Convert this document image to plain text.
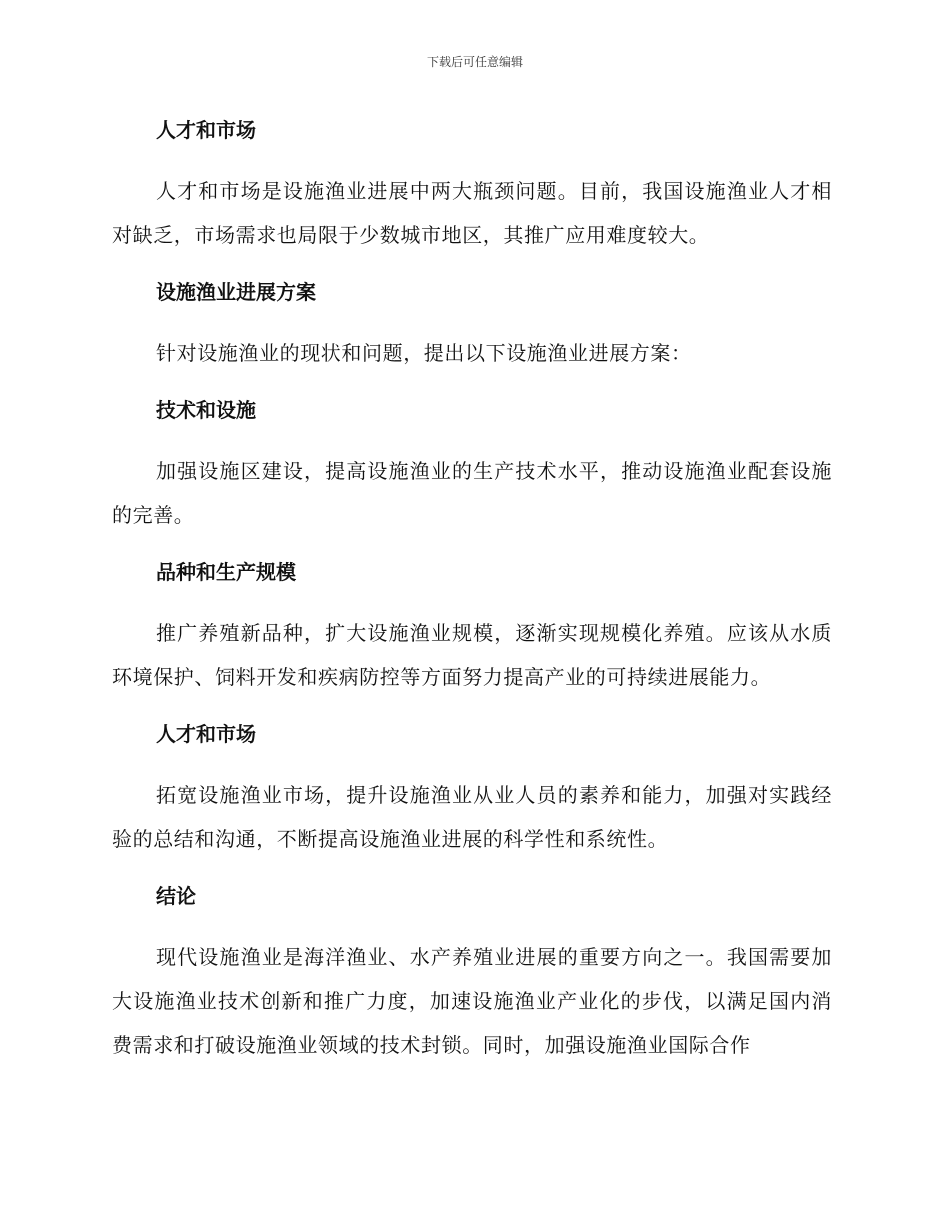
下载后可任意编辑
人才和市场
人才和市场是设施渔业进展中两大瓶颈问题。目前，我国设施渔业人才相对缺乏，市场需求也局限于少数城市地区，其推广应用难度较大。
设施渔业进展方案
针对设施渔业的现状和问题，提出以下设施渔业进展方案：
技术和设施
加强设施区建设，提高设施渔业的生产技术水平，推动设施渔业配套设施的完善。
品种和生产规模
推广养殖新品种，扩大设施渔业规模，逐渐实现规模化养殖。应该从水质环境保护、饲料开发和疾病防控等方面努力提高产业的可持续进展能力。
人才和市场
拓宽设施渔业市场，提升设施渔业从业人员的素养和能力，加强对实践经验的总结和沟通，不断提高设施渔业进展的科学性和系统性。
结论
现代设施渔业是海洋渔业、水产养殖业进展的重要方向之一。我国需要加大设施渔业技术创新和推广力度，加速设施渔业产业化的步伐，以满足国内消费需求和打破设施渔业领域的技术封锁。同时，加强设施渔业国际合作
